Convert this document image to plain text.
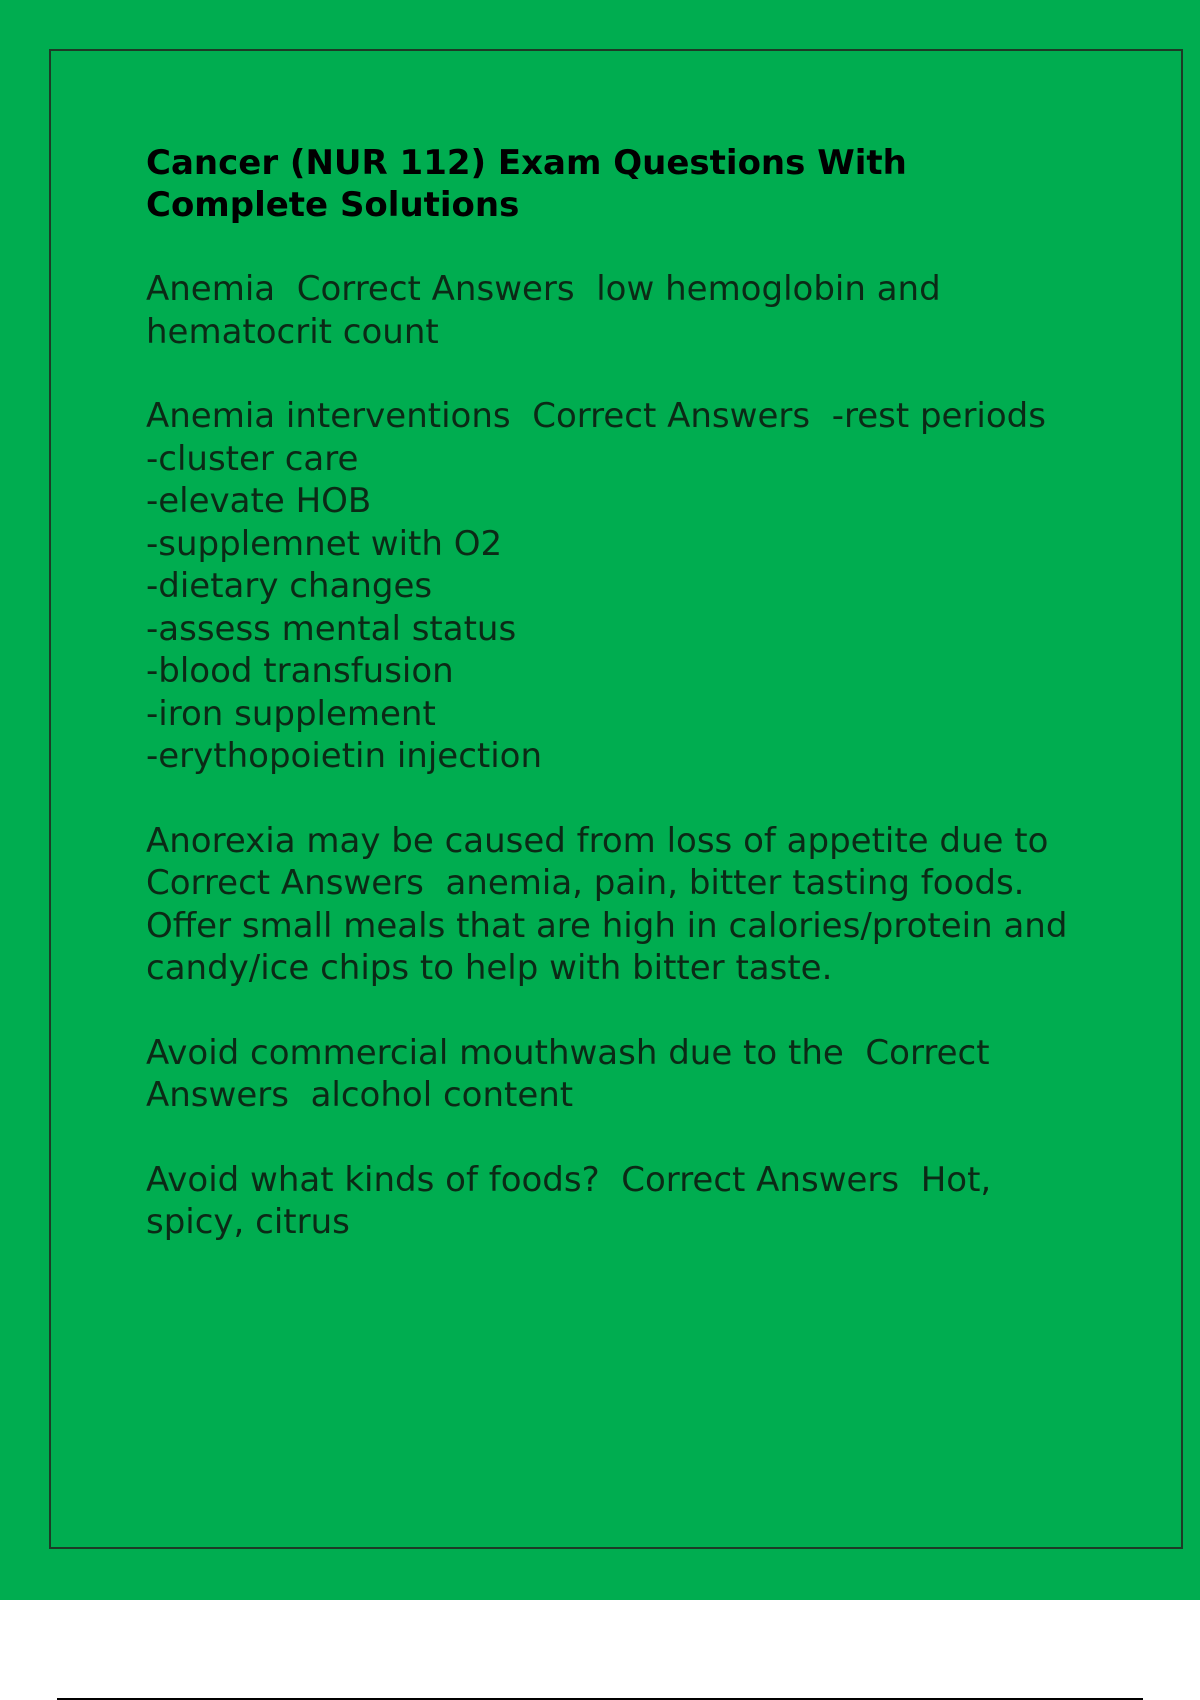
Cancer (NUR 112) Exam Questions With Complete Solutions
Anemia Correct Answers low hemoglobin and hematocrit count
Anemia interventions Correct Answers -rest periods

-cluster care
-elevate HOB
-supplemnet with O2
-dietary changes
-assess mental status
-blood transfusion
-iron supplement
-erythopoietin injection
Anorexia may be caused from loss of appetite due to  Correct Answers anemia, pain, bitter tasting foods. Offer small meals that are high in calories/protein and candy/ice chips to help with bitter taste.
Avoid commercial mouthwash due to the Correct Answers alcohol content
Avoid what kinds of foods? Correct Answers Hot, spicy, citrus
